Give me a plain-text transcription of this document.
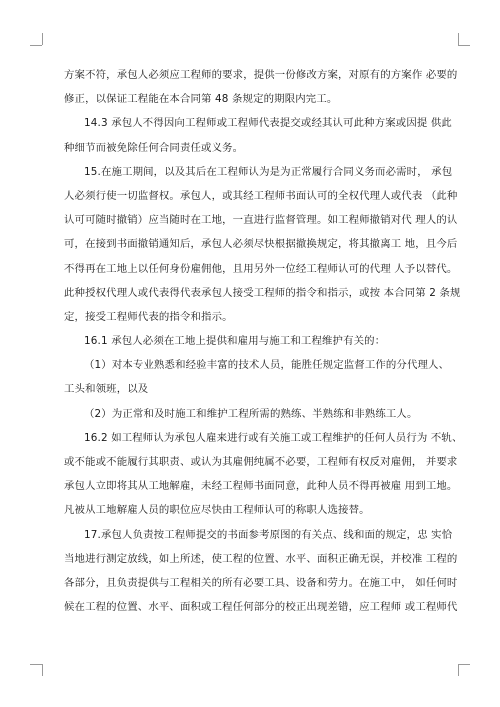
方案不符，承包人必须应工程师的要求，提供一份修改方案，对原有的方案作 必要的
修正，以保证工程能在本合同第 48 条规定的期限内完工。
14.3 承包人不得因向工程师或工程师代表提交或经其认可此种方案或因提 供此
种细节而被免除任何合同责任或义务。
15.在施工期间，以及其后在工程师认为是为正常履行合同义务而必需时， 承包
人必须行使一切监督权。承包人，或其经工程师书面认可的全权代理人或代表 （此种
认可可随时撤销）应当随时在工地，一直进行监督管理。如工程师撤销对代 理人的认
可，在接到书面撤销通知后，承包人必须尽快根据撤换规定，将其撤离工 地，且今后
不得再在工地上以任何身份雇佣他，且用另外一位经工程师认可的代理 人予以替代。
此种授权代理人或代表得代表承包人接受工程师的指令和指示，或按 本合同第 2 条规
定，接受工程师代表的指令和指示。
16.1 承包人必须在工地上提供和雇用与施工和工程维护有关的：
（1）对本专业熟悉和经验丰富的技术人员，能胜任规定监督工作的分代理人、
工头和领班，以及
（2）为正常和及时施工和维护工程所需的熟练、半熟练和非熟练工人。
16.2 如工程师认为承包人雇来进行或有关施工或工程维护的任何人员行为 不轨、
或不能或不能履行其职责、或认为其雇佣纯属不必要，工程师有权反对雇佣， 并要求
承包人立即将其从工地解雇，未经工程师书面同意，此种人员不得再被雇 用到工地。
凡被从工地解雇人员的职位应尽快由工程师认可的称职人选接替。
17.承包人负责按工程师提交的书面参考原图的有关点、线和面的规定，忠 实恰
当地进行测定放线，如上所述，使工程的位置、水平、面积正确无误，并校准 工程的
各部分，且负责提供与工程相关的所有必要工具、设备和劳力。在施工中， 如任何时
候在工程的位置、水平、面积或工程任何部分的校正出现差错，应工程师 或工程师代
